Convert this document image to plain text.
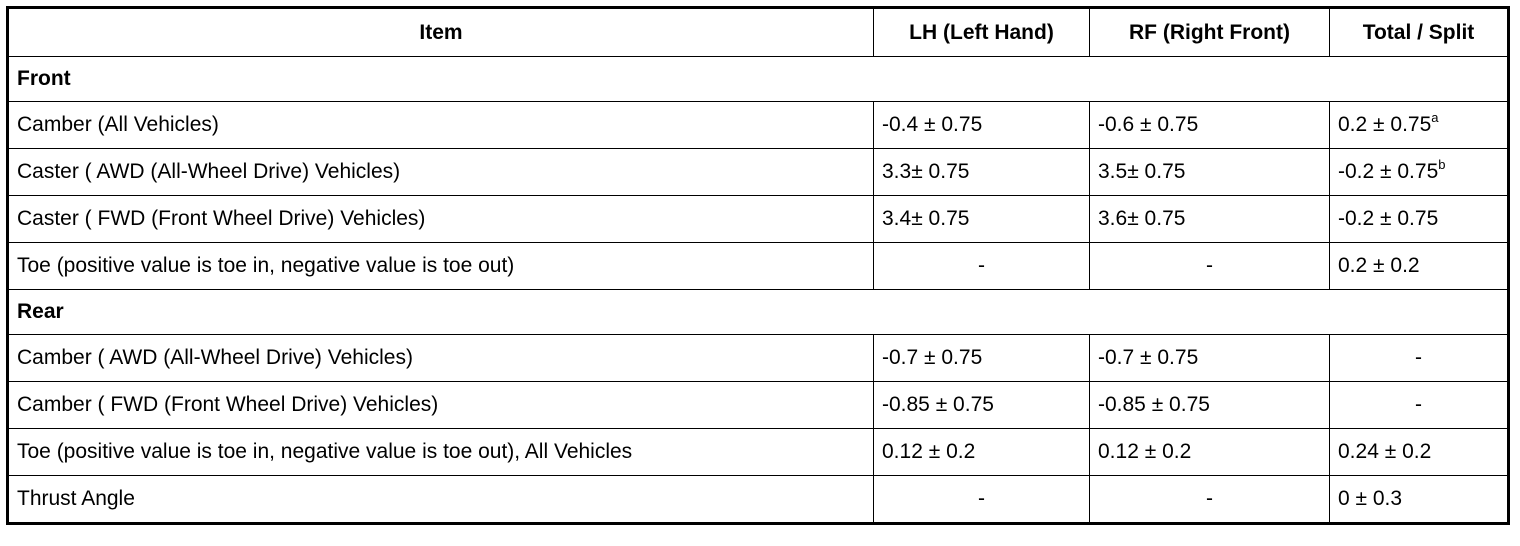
Item	LH (Left Hand)	RF (Right Front)	Total / Split
Front			
Camber (All Vehicles)	-0.4 ± 0.75	-0.6 ± 0.75	0.2 ± 0.75$^a$
Caster ( AWD (All-Wheel Drive) Vehicles)	3.3± 0.75	3.5± 0.75	-0.2 ± 0.75$^b$
Caster ( FWD (Front Wheel Drive) Vehicles)	3.4± 0.75	3.6± 0.75	-0.2 ± 0.75
Toe (positive value is toe in, negative value is toe out)	-	-	0.2 ± 0.2
Rear			
Camber ( AWD (All-Wheel Drive) Vehicles)	-0.7 ± 0.75	-0.7 ± 0.75	-
Camber ( FWD (Front Wheel Drive) Vehicles)	-0.85 ± 0.75	-0.85 ± 0.75	-
Toe (positive value is toe in, negative value is toe out), All Vehicles	0.12 ± 0.2	0.12 ± 0.2	0.24 ± 0.2
Thrust Angle	-	-	0 ± 0.3
